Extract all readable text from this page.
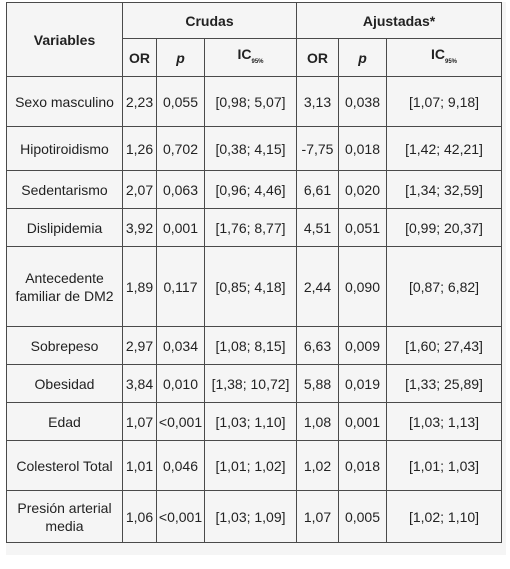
Variables	Crudas			Ajustadas*		
	OR	p	$IC_{95\%}$	OR	p	$IC_{95\%}$
Sexo masculino	2,23	0,055	[0,98; 5,07]	3,13	0,038	[1,07; 9,18]
Hipotiroidismo	1,26	0,702	[0,38; 4,15]	-7,75	0,018	[1,42; 42,21]
Sedentarismo	2,07	0,063	[0,96; 4,46]	6,61	0,020	[1,34; 32,59]
Dislipidemia	3,92	0,001	[1,76; 8,77]	4,51	0,051	[0,99; 20,37]
Antecedente familiar de DM2	1,89	0,117	[0,85; 4,18]	2,44	0,090	[0,87; 6,82]
Sobrepeso	2,97	0,034	[1,08; 8,15]	6,63	0,009	[1,60; 27,43]
Obesidad	3,84	0,010	[1,38; 10,72]	5,88	0,019	[1,33; 25,89]
Edad	1,07	<0,001	[1,03; 1,10]	1,08	0,001	[1,03; 1,13]
Colesterol Total	1,01	0,046	[1,01; 1,02]	1,02	0,018	[1,01; 1,03]
Presión arterial media	1,06	<0,001	[1,03; 1,09]	1,07	0,005	[1,02; 1,10]
